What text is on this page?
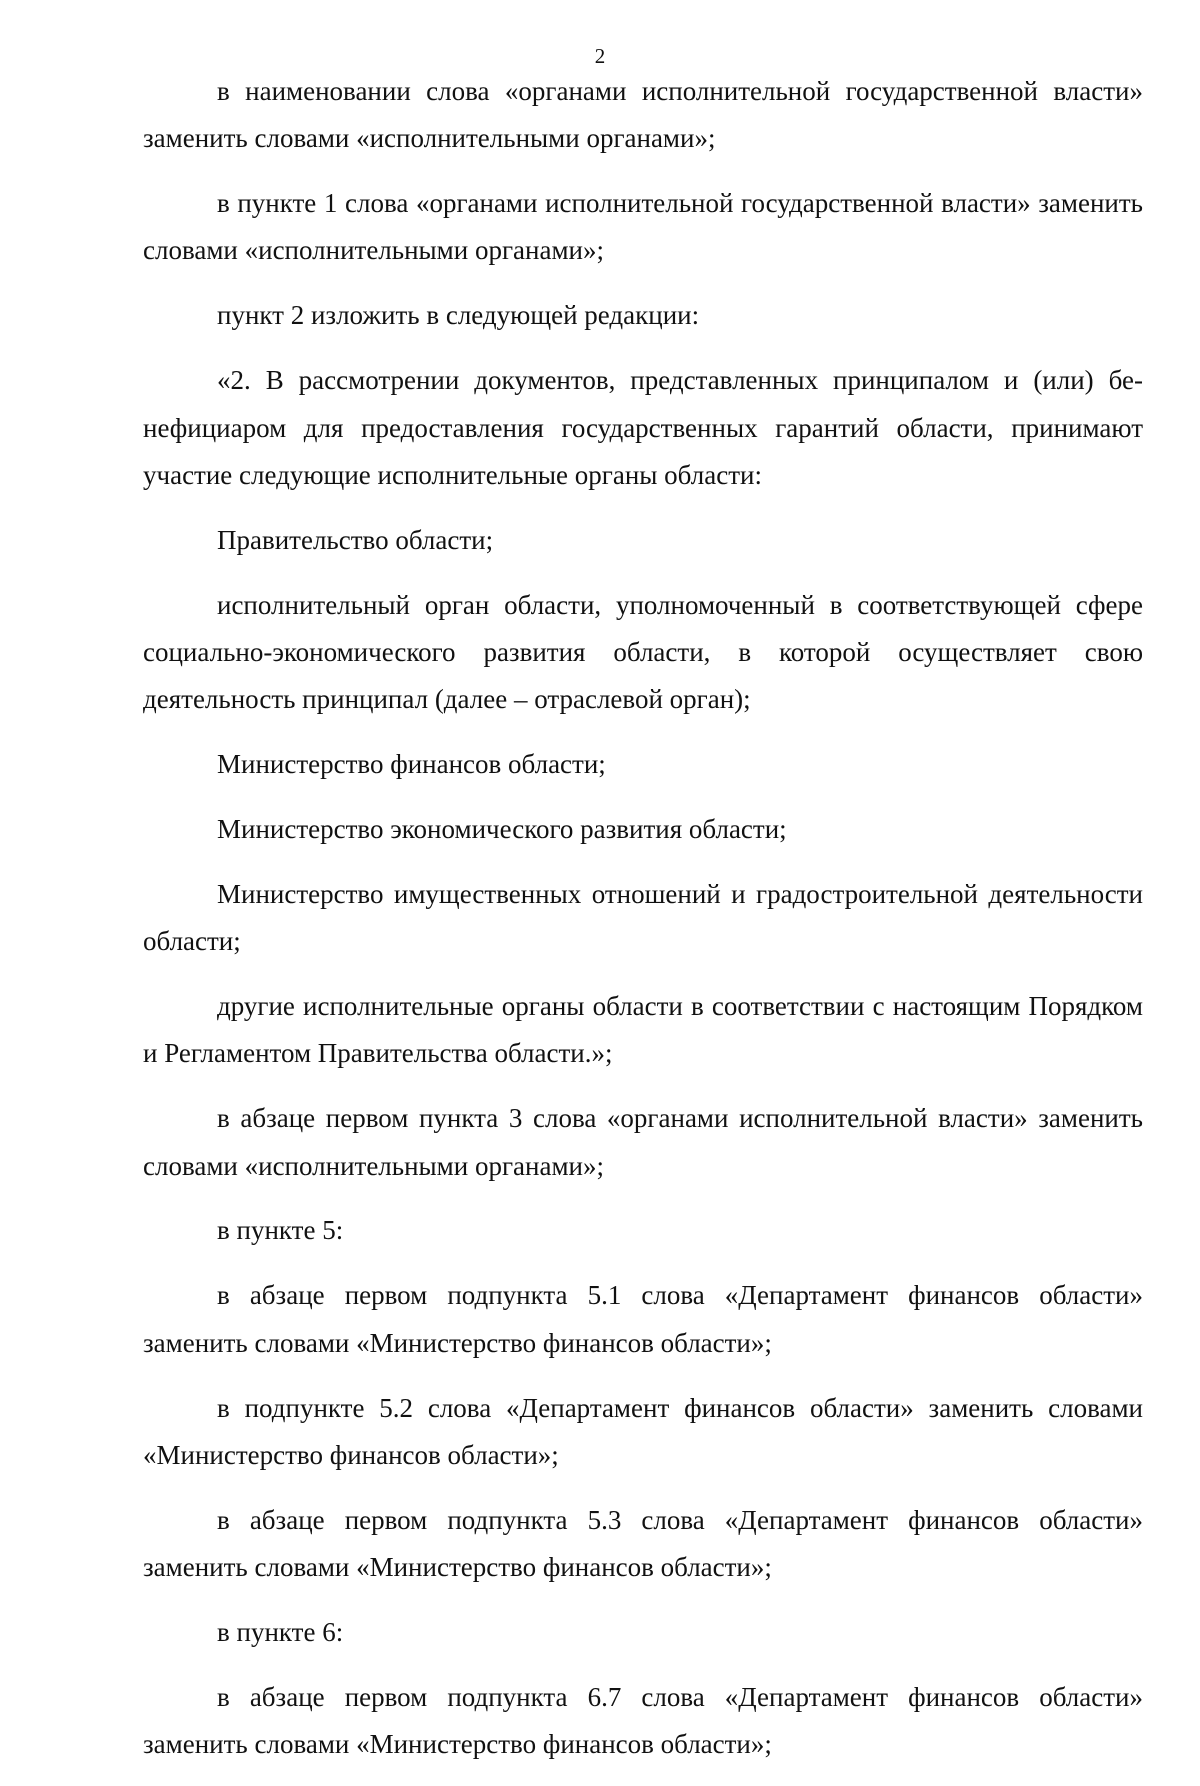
2

в наименовании слова «органами исполнительной государственной власти» заменить словами «исполнительными органами»;

в пункте 1 слова «органами исполнительной государственной власти» заменить словами «исполнительными органами»;

пункт 2 изложить в следующей редакции:

«2. В рассмотрении документов, представленных принципалом и (или) бенефициаром для предоставления государственных гарантий области, принимают участие следующие исполнительные органы области:

Правительство области;

исполнительный орган области, уполномоченный в соответствующей сфере социально-экономического развития области, в которой осуществляет свою деятельность принципал (далее – отраслевой орган);

Министерство финансов области;

Министерство экономического развития области;

Министерство имущественных отношений и градостроительной деятельности области;

другие исполнительные органы области в соответствии с настоящим Порядком и Регламентом Правительства области.»;

в абзаце первом пункта 3 слова «органами исполнительной власти» заменить словами «исполнительными органами»;

в пункте 5:

в абзаце первом подпункта 5.1 слова «Департамент финансов области» заменить словами «Министерство финансов области»;

в подпункте 5.2 слова «Департамент финансов области» заменить словами «Министерство финансов области»;

в абзаце первом подпункта 5.3 слова «Департамент финансов области» заменить словами «Министерство финансов области»;

в пункте 6:

в абзаце первом подпункта 6.7 слова «Департамент финансов области» заменить словами «Министерство финансов области»;
